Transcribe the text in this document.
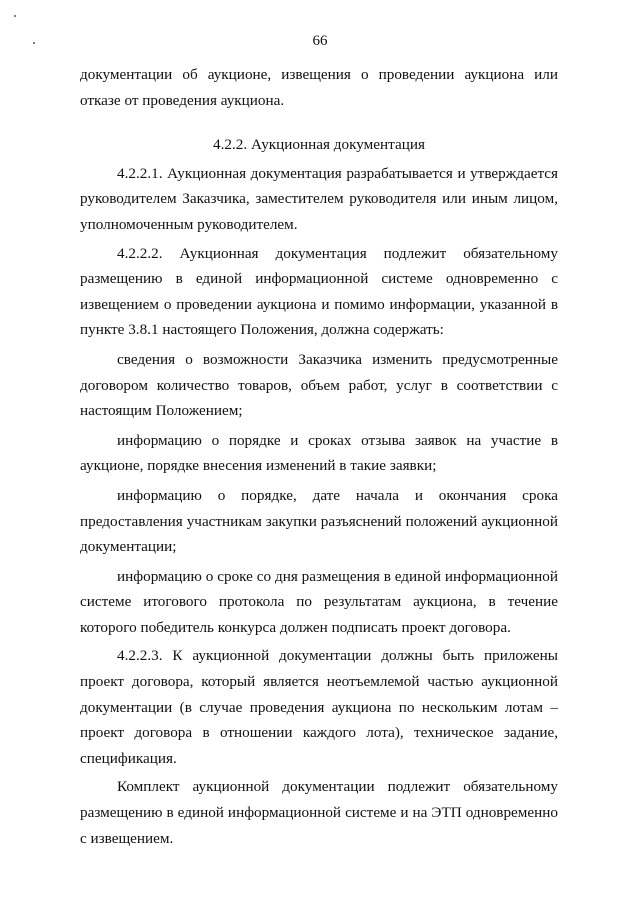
66

документации об аукционе, извещения о проведении аукциона или отказе от проведения аукциона.

4.2.2. Аукционная документация

4.2.2.1. Аукционная документация разрабатывается и утверждается руководителем Заказчика, заместителем руководителя или иным лицом, уполномоченным руководителем.

4.2.2.2. Аукционная документация подлежит обязательному размещению в единой информационной системе одновременно с извещением о проведении аукциона и помимо информации, указанной в пункте 3.8.1 настоящего Положения, должна содержать:

сведения о возможности Заказчика изменить предусмотренные договором количество товаров, объем работ, услуг в соответствии с настоящим Положением;

информацию о порядке и сроках отзыва заявок на участие в аукционе, порядке внесения изменений в такие заявки;

информацию о порядке, дате начала и окончания срока предоставления участникам закупки разъяснений положений аукционной документации;

информацию о сроке со дня размещения в единой информационной системе итогового протокола по результатам аукциона, в течение которого победитель конкурса должен подписать проект договора.

4.2.2.3. К аукционной документации должны быть приложены проект договора, который является неотъемлемой частью аукционной документации (в случае проведения аукциона по нескольким лотам – проект договора в отношении каждого лота), техническое задание, спецификация.

Комплект аукционной документации подлежит обязательному размещению в единой информационной системе и на ЭТП одновременно с извещением.
